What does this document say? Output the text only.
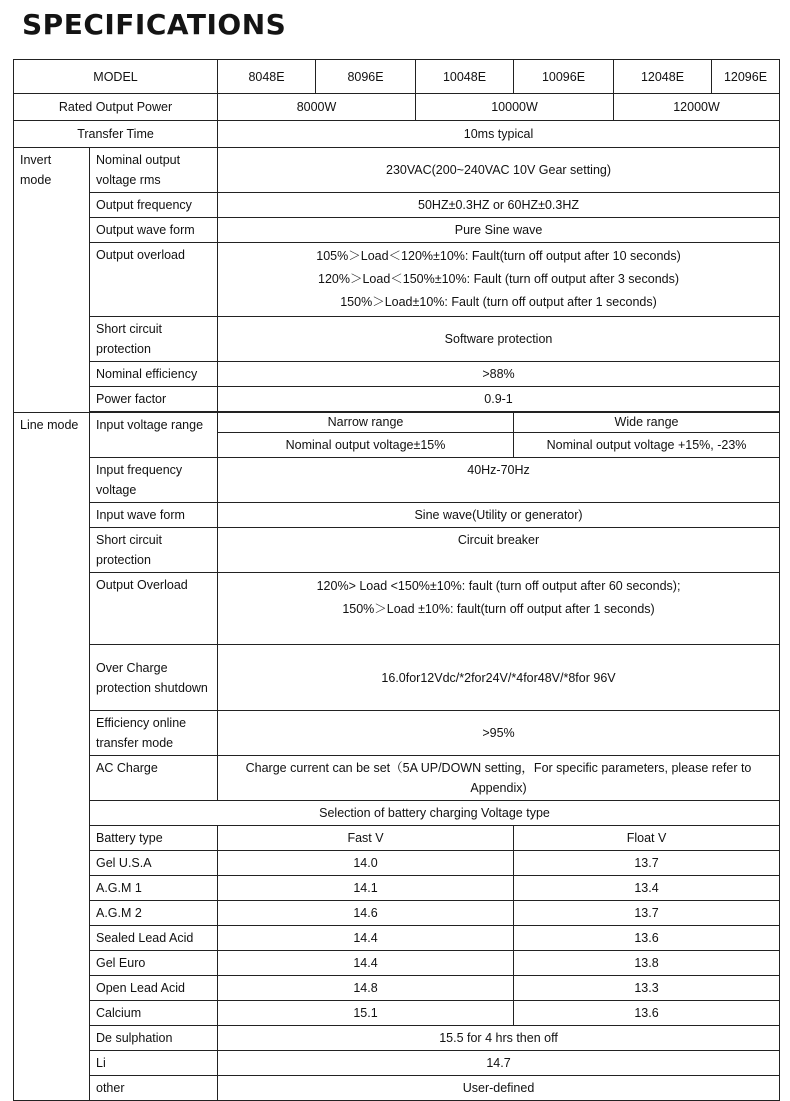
SPECIFICATIONS
MODEL		8048E	8096E	10048E	10096E	12048E	12096E
Rated Output Power		8000W		10000W		12000W	
Transfer Time		10ms typical					
Invert mode	Nominal output voltage rms	230VAC(200~240VAC 10V Gear setting)					
	Output frequency	50HZ±0.3HZ or 60HZ±0.3HZ					
	Output wave form	Pure Sine wave					
	Output overload	105%＞Load＜120%±10%: Fault(turn off output after 10 seconds)
120%＞Load＜150%±10%: Fault (turn off output after 3 seconds)
150%＞Load±10%: Fault (turn off output after 1 seconds)					

	Short circuit protection	Software protection					
	Nominal efficiency	>88%					
	Power factor	0.9-1					

Line mode	Input voltage range	Narrow range			Wide range		
		Nominal output voltage±15%			Nominal output voltage +15%, -23%		
	Input frequency voltage	40Hz-70Hz					
	Input wave form	Sine wave(Utility or generator)					
	Short circuit protection	Circuit breaker					
	Output Overload	120%> Load <150%±10%: fault (turn off output after 60 seconds);
150%＞Load ±10%: fault(turn off output after 1 seconds)					

	Over Charge protection shutdown	16.0for12Vdc/*2for24V/*4for48V/*8for 96V					
	Efficiency online transfer mode	>95%					
	AC Charge	Charge current can be set（5A UP/DOWN setting，For specific parameters, please refer to Appendix)					
	Selection of battery charging Voltage type						
	Battery type	Fast V			Float V		
	Gel U.S.A	14.0			13.7		
	A.G.M 1	14.1			13.4		
	A.G.M 2	14.6			13.7		
	Sealed Lead Acid	14.4			13.6		
	Gel Euro	14.4			13.8		
	Open Lead Acid	14.8			13.3		
	Calcium	15.1			13.6		
	De sulphation	15.5 for 4 hrs then off					
	Li	14.7					
	other	User-defined					
